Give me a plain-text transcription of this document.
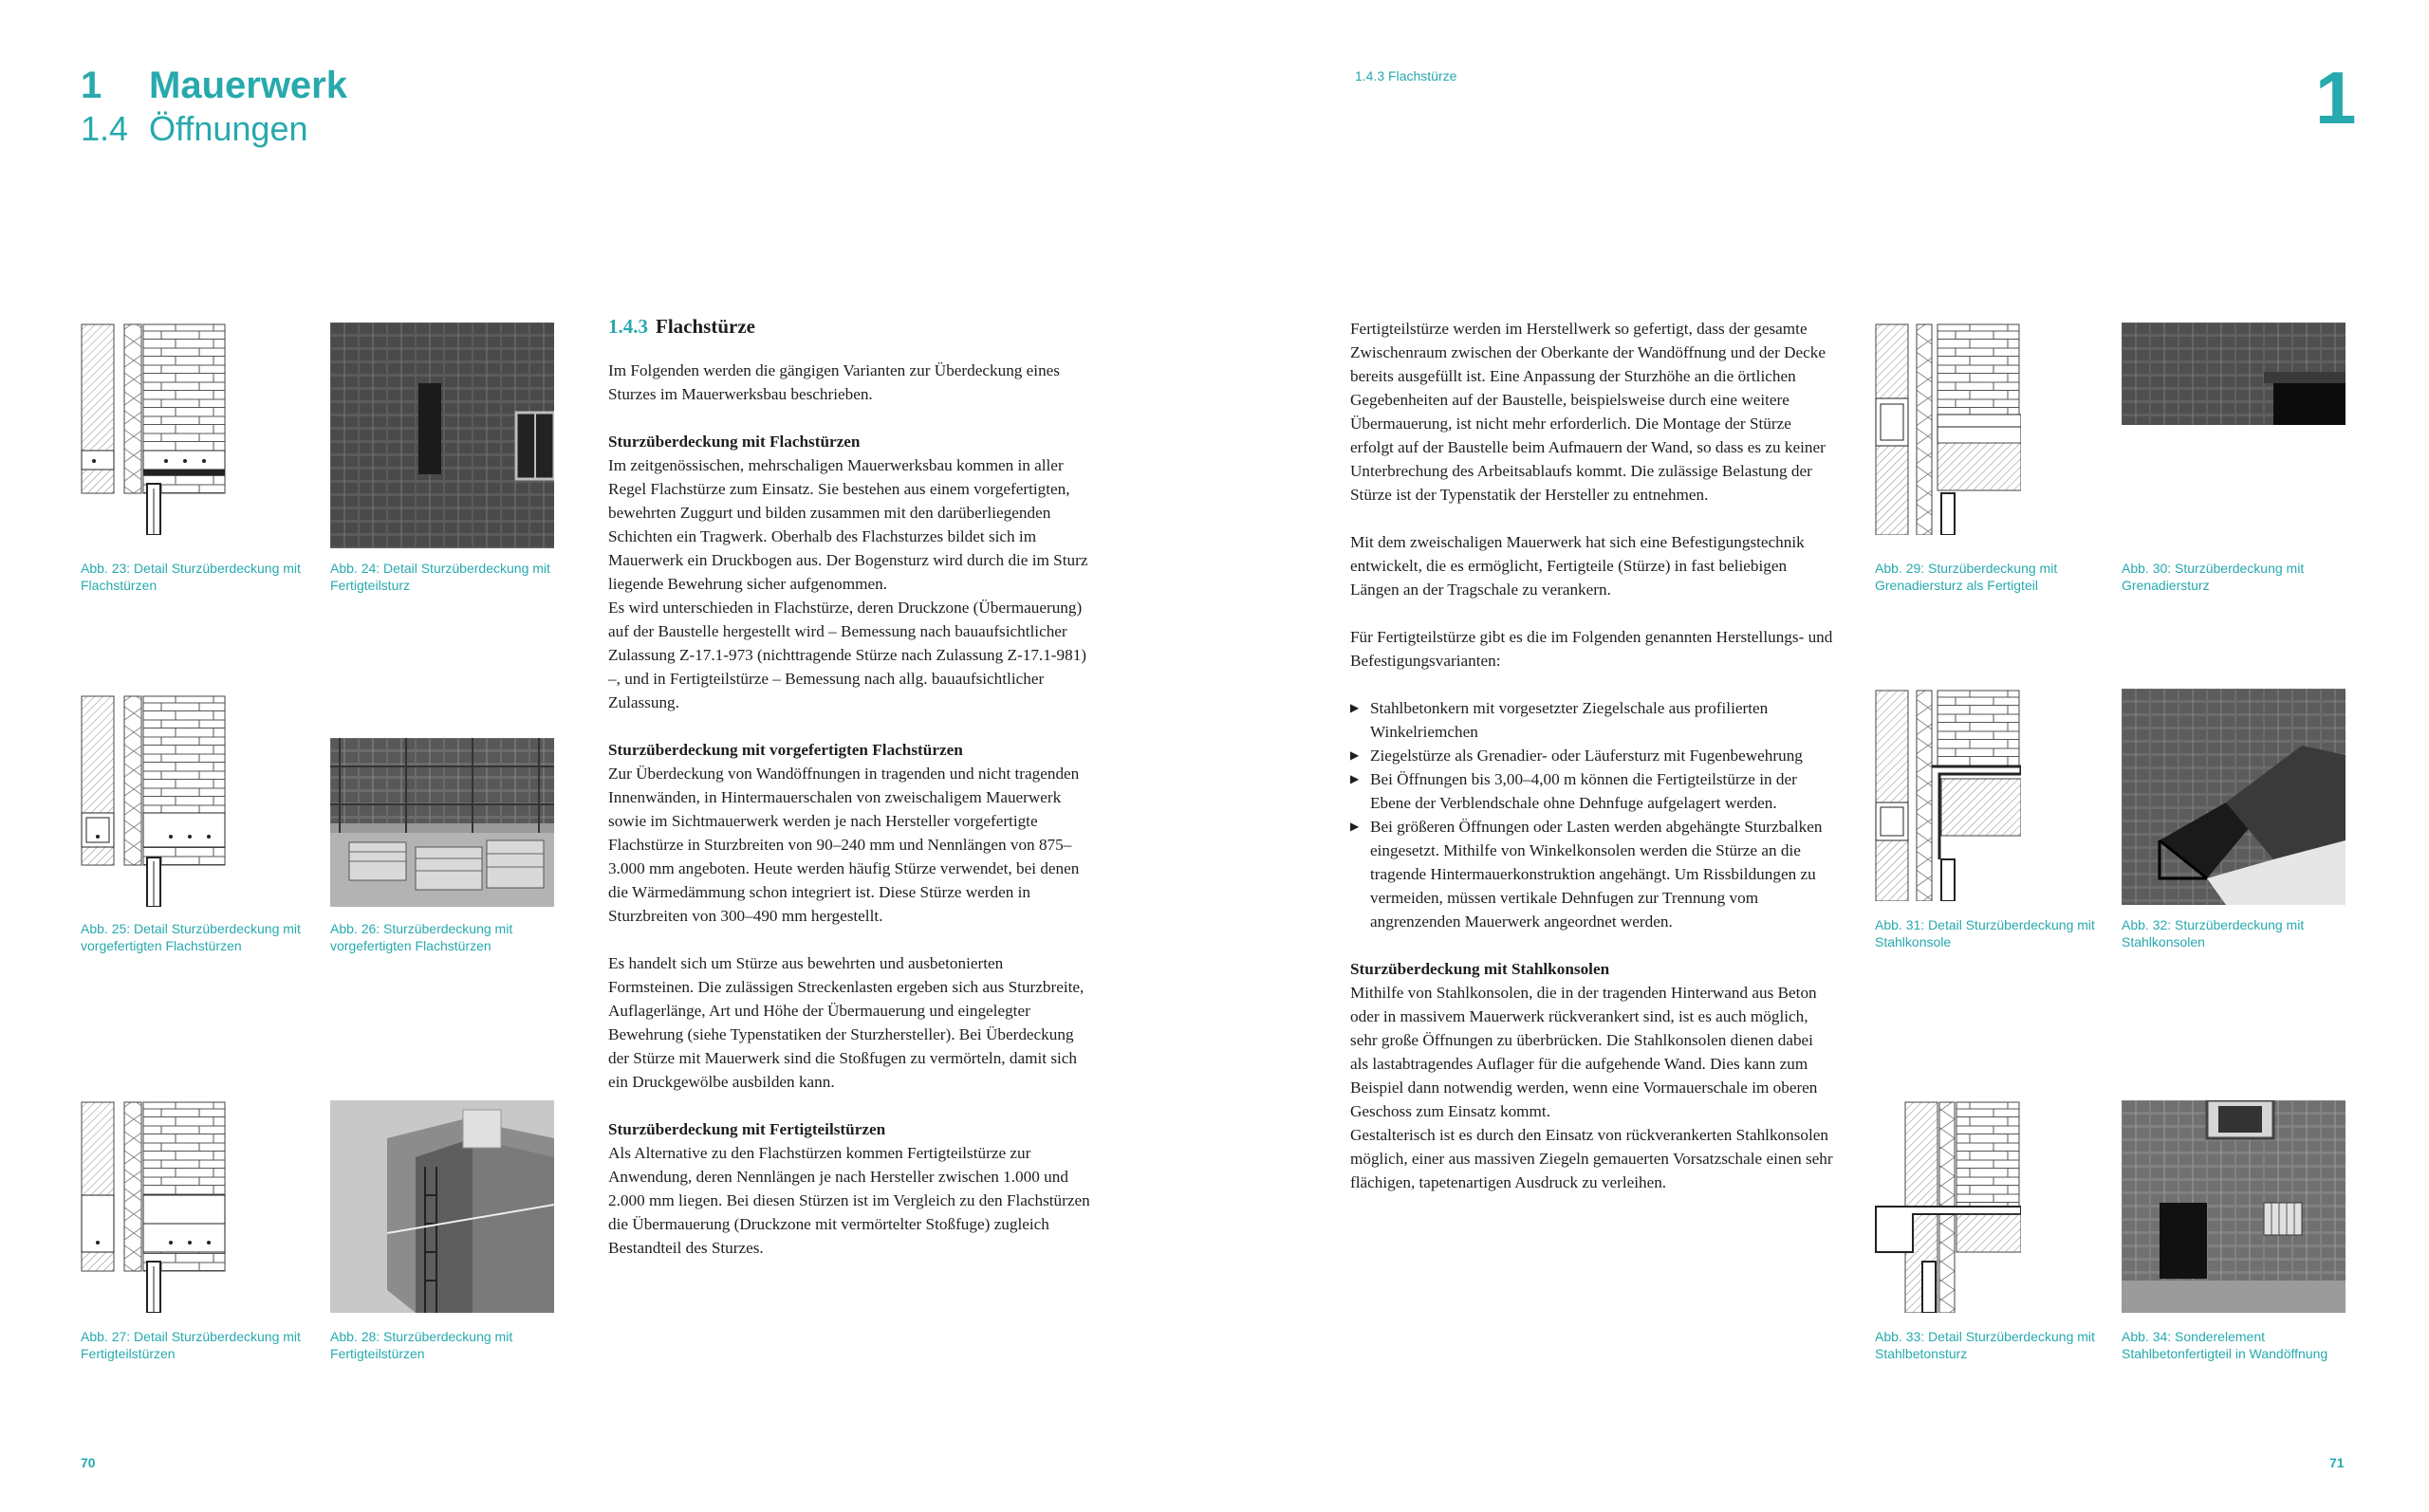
1 Mauerwerk
1.4 Öffnungen
1.4.3 Flachstürze	1
Abb. 23: Detail Sturzüberdeckung mit Flachstürzen
Abb. 24: Detail Sturzüberdeckung mit Fertigteilsturz
Abb. 25: Detail Sturzüberdeckung mit vorgefertigten Flachstürzen
Abb. 26: Sturzüberdeckung mit vorgefertigten Flachstürzen
Abb. 27: Detail Sturzüberdeckung mit Fertigteilstürzen
Abb. 28: Sturzüberdeckung mit Fertigteilstürzen
1.4.3 Flachstürze

Im Folgenden werden die gängigen Varianten zur Überdeckung eines Sturzes im Mauerwerksbau beschrieben.

Sturzüberdeckung mit Flachstürzen
Im zeitgenössischen, mehrschaligen Mauerwerksbau kommen in aller Regel Flachstürze zum Einsatz. Sie bestehen aus einem vorgefertigten, bewehrten Zuggurt und bilden zusammen mit den darüberliegenden Schichten ein Tragwerk. Oberhalb des Flachsturzes bildet sich im Mauerwerk ein Druckbogen aus. Der Bogensturz wird durch die im Sturz liegende Bewehrung sicher aufgenommen.
Es wird unterschieden in Flachstürze, deren Druckzone (Übermauerung) auf der Baustelle hergestellt wird – Bemessung nach bauaufsichtlicher Zulassung Z-17.1-973 (nichttragende Stürze nach Zulassung Z-17.1-981) –, und in Fertigteilstürze – Bemessung nach allg. bauaufsichtlicher Zulassung.

Sturzüberdeckung mit vorgefertigten Flachstürzen
Zur Überdeckung von Wandöffnungen in tragenden und nicht tragenden Innenwänden, in Hintermauerschalen von zweischaligem Mauerwerk sowie im Sichtmauerwerk werden je nach Hersteller vorgefertigte Flachstürze in Sturzbreiten von 90–240 mm und Nennlängen von 875–3.000 mm angeboten. Heute werden häufig Stürze verwendet, bei denen die Wärmedämmung schon integriert ist. Diese Stürze werden in Sturzbreiten von 300–490 mm hergestellt.

Es handelt sich um Stürze aus bewehrten und ausbetonierten Formsteinen. Die zulässigen Streckenlasten ergeben sich aus Sturzbreite, Auflagerlänge, Art und Höhe der Übermauerung und eingelegter Bewehrung (siehe Typenstatiken der Sturzhersteller). Bei Überdeckung der Stürze mit Mauerwerk sind die Stoßfugen zu vermörteln, damit sich ein Druckgewölbe ausbilden kann.

Sturzüberdeckung mit Fertigteilstürzen
Als Alternative zu den Flachstürzen kommen Fertigteilstürze zur Anwendung, deren Nennlängen je nach Hersteller zwischen 1.000 und 2.000 mm liegen. Bei diesen Stürzen ist im Vergleich zu den Flachstürzen die Übermauerung (Druckzone mit vermörtelter Stoßfuge) zugleich Bestandteil des Sturzes.

Fertigteilstürze werden im Herstellwerk so gefertigt, dass der gesamte Zwischenraum zwischen der Oberkante der Wandöffnung und der Decke bereits ausgefüllt ist. Eine Anpassung der Sturzhöhe an die örtlichen Gegebenheiten auf der Baustelle, beispielsweise durch eine weitere Übermauerung, ist nicht mehr erforderlich. Die Montage der Stürze erfolgt auf der Baustelle beim Aufmauern der Wand, so dass es zu keiner Unterbrechung des Arbeitsablaufs kommt. Die zulässige Belastung der Stürze ist der Typenstatik der Hersteller zu entnehmen.

Mit dem zweischaligen Mauerwerk hat sich eine Befestigungstechnik entwickelt, die es ermöglicht, Fertigteile (Stürze) in fast beliebigen Längen an der Tragschale zu verankern.

Für Fertigteilstürze gibt es die im Folgenden genannten Herstellungs- und Befestigungsvarianten:

▶ Stahlbetonkern mit vorgesetzter Ziegelschale aus profilierten Winkelriemchen
▶ Ziegelstürze als Grenadier- oder Läufersturz mit Fugenbewehrung
▶ Bei Öffnungen bis 3,00–4,00 m können die Fertigteilstürze in der Ebene der Verblendschale ohne Dehnfuge aufgelagert werden.
▶ Bei größeren Öffnungen oder Lasten werden abgehängte Sturzbalken eingesetzt. Mithilfe von Winkelkonsolen werden die Stürze an die tragende Hintermauerkonstruktion angehängt. Um Rissbildungen zu vermeiden, müssen vertikale Dehnfugen zur Trennung vom angrenzenden Mauerwerk angeordnet werden.

Sturzüberdeckung mit Stahlkonsolen
Mithilfe von Stahlkonsolen, die in der tragenden Hinterwand aus Beton oder in massivem Mauerwerk rückverankert sind, ist es auch möglich, sehr große Öffnungen zu überbrücken. Die Stahlkonsolen dienen dabei als lastabtragendes Auflager für die aufgehende Wand. Dies kann zum Beispiel dann notwendig werden, wenn eine Vormauerschale im oberen Geschoss zum Einsatz kommt.
Gestalterisch ist es durch den Einsatz von rückverankerten Stahlkonsolen möglich, einer aus massiven Ziegeln gemauerten Vorsatzschale einen sehr flächigen, tapetenartigen Ausdruck zu verleihen.

Abb. 29: Sturzüberdeckung mit Grenadiersturz als Fertigteil
Abb. 30: Sturzüberdeckung mit Grenadiersturz
Abb. 31: Detail Sturzüberdeckung mit Stahlkonsole
Abb. 32: Sturzüberdeckung mit Stahlkonsolen
Abb. 33: Detail Sturzüberdeckung mit Stahlbetonsturz
Abb. 34: Sonderelement Stahlbetonfertigteil in Wandöffnung
70	71
